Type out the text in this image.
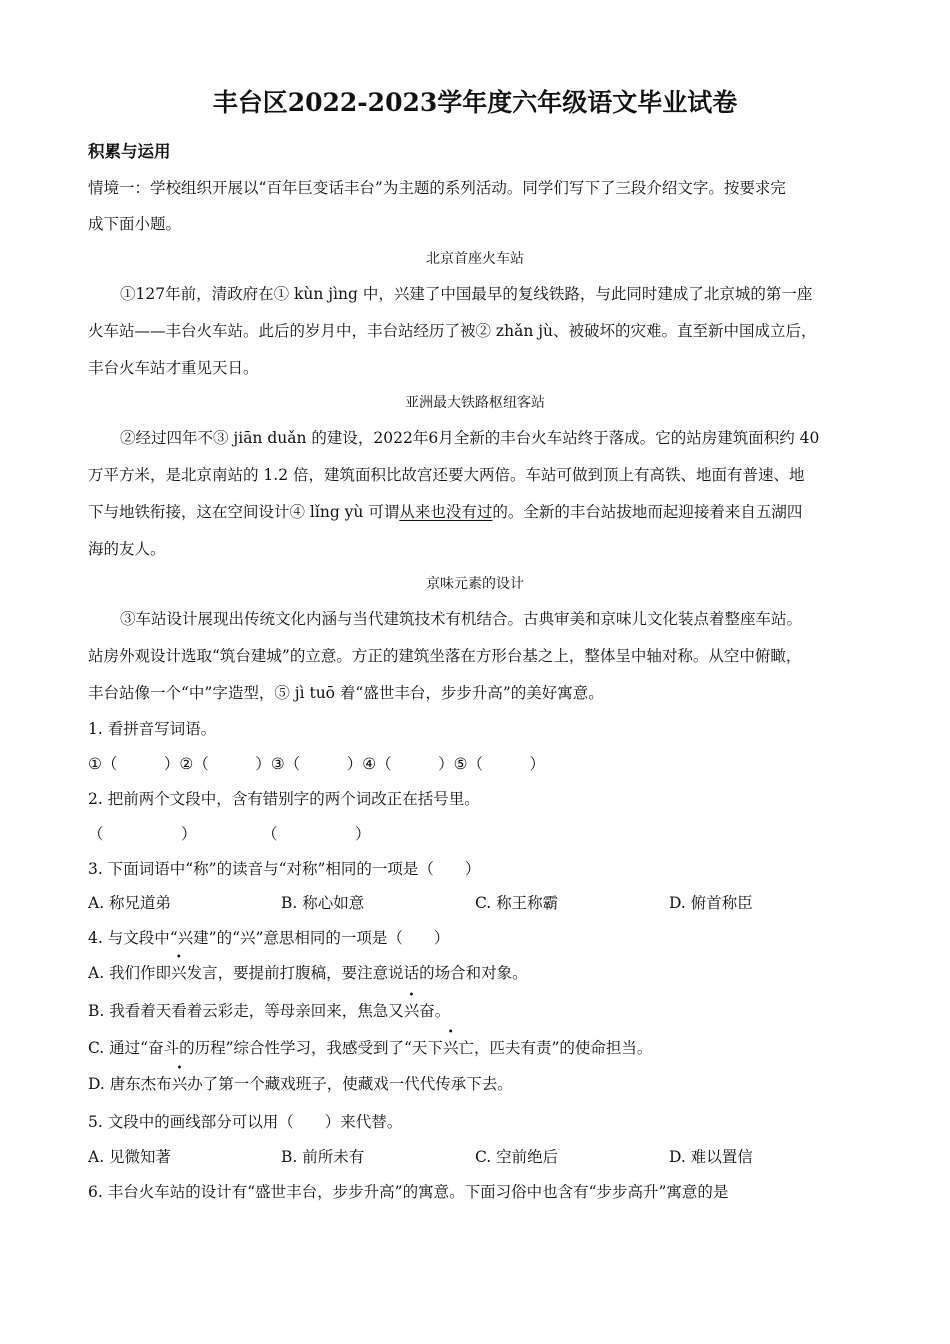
丰台区2022-2023学年度六年级语文毕业试卷
积累与运用
情境一：学校组织开展以“百年巨变话丰台”为主题的系列活动。同学们写下了三段介绍文字。按要求完
成下面小题。
北京首座火车站
①127年前，清政府在① kùn jìng 中，兴建了中国最早的复线铁路，与此同时建成了北京城的第一座
火车站——丰台火车站。此后的岁月中，丰台站经历了被② zhǎn jù、被破坏的灾难。直至新中国成立后，
丰台火车站才重见天日。
亚洲最大铁路枢纽客站
②经过四年不③ jiān duǎn 的建设，2022年6月全新的丰台火车站终于落成。它的站房建筑面积约 40
万平方米，是北京南站的 1.2 倍，建筑面积比故宫还要大两倍。车站可做到顶上有高铁、地面有普速、地
下与地铁衔接，这在空间设计④ lǐng yù 可谓从来也没有过的。全新的丰台站拔地而起迎接着来自五湖四
海的友人。
京味元素的设计
③车站设计展现出传统文化内涵与当代建筑技术有机结合。古典审美和京味儿文化装点着整座车站。
站房外观设计选取“筑台建城”的立意。方正的建筑坐落在方形台基之上，整体呈中轴对称。从空中俯瞰，
丰台站像一个“中”字造型，⑤ jì tuō 着“盛世丰台，步步升高”的美好寓意。
1. 看拼音写词语。
①（　　　）②（　　　）③（　　　）④（　　　）⑤（　　　）
2. 把前两个文段中，含有错别字的两个词改正在括号里。
（　　　　　）	（　　　　　）
3. 下面词语中“称”的读音与“对称”相同的一项是（　　）
A. 称兄道弟	B. 称心如意	C. 称王称霸	D. 俯首称臣
4. 与文段中“兴建”的“兴”意思相同的一项是（　　）
A. 我们作即兴发言，要提前打腹稿，要注意说话的场合和对象。
B. 我看着天看着云彩走，等母亲回来，焦急又兴奋。
C. 通过“奋斗的历程”综合性学习，我感受到了“天下兴亡，匹夫有责”的使命担当。
D. 唐东杰布兴办了第一个藏戏班子，使藏戏一代代传承下去。
5. 文段中的画线部分可以用（　　）来代替。
A. 见微知著	B. 前所未有	C. 空前绝后	D. 难以置信
6. 丰台火车站的设计有“盛世丰台，步步升高”的寓意。下面习俗中也含有“步步高升”寓意的是
